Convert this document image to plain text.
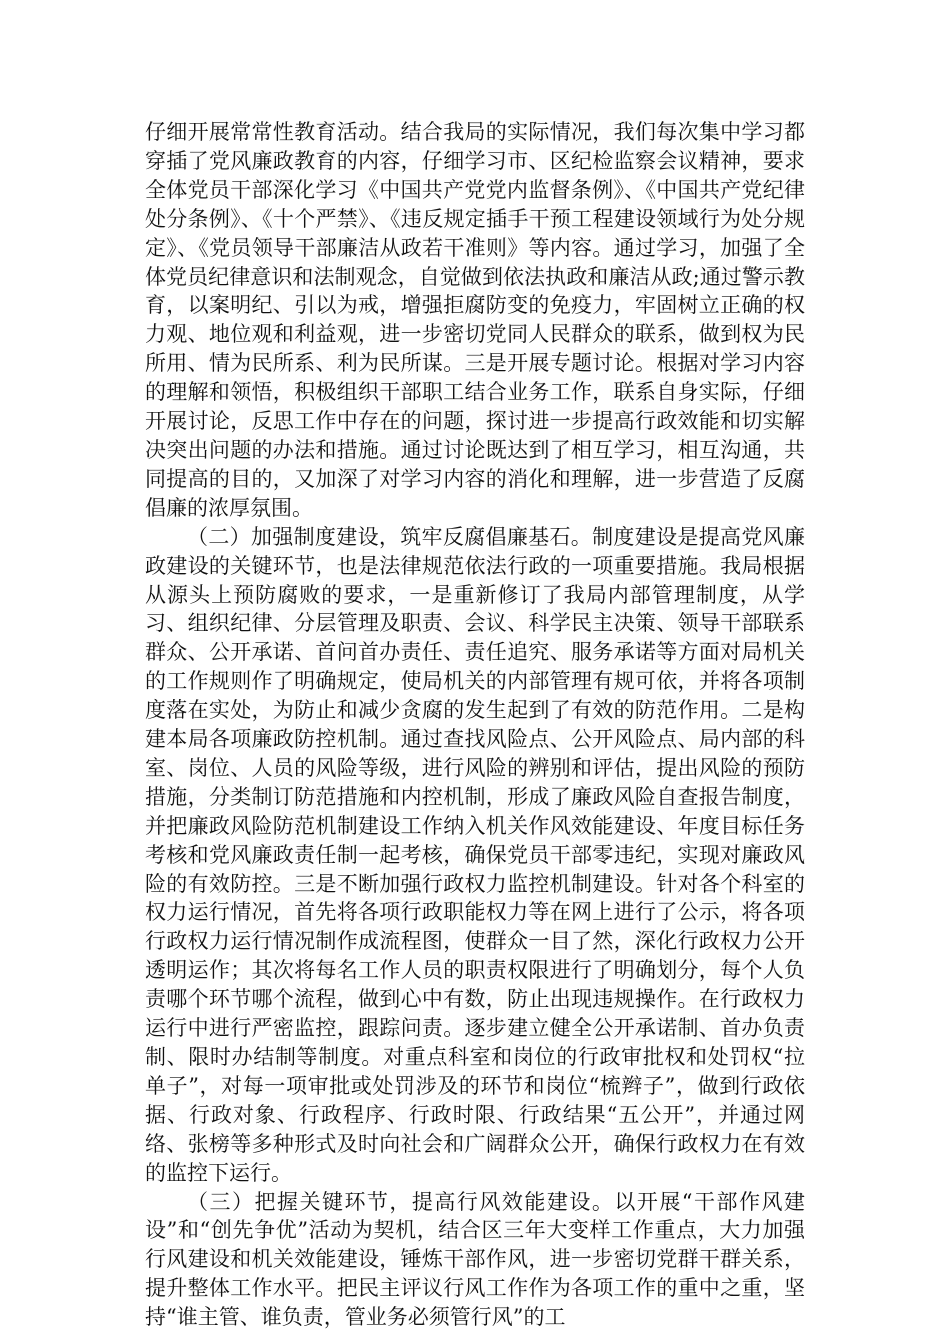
仔细开展常常性教育活动。结合我局的实际情况，我们每次集中学习都穿插了党风廉政教育的内容，仔细学习市、区纪检监察会议精神，要求全体党员干部深化学习《中国共产党党内监督条例》、《中国共产党纪律处分条例》、《十个严禁》、《违反规定插手干预工程建设领域行为处分规定》、《党员领导干部廉洁从政若干准则》等内容。通过学习，加强了全体党员纪律意识和法制观念，自觉做到依法执政和廉洁从政;通过警示教育，以案明纪、引以为戒，增强拒腐防变的免疫力，牢固树立正确的权力观、地位观和利益观，进一步密切党同人民群众的联系，做到权为民所用、情为民所系、利为民所谋。三是开展专题讨论。根据对学习内容的理解和领悟，积极组织干部职工结合业务工作，联系自身实际，仔细开展讨论，反思工作中存在的问题，探讨进一步提高行政效能和切实解决突出问题的办法和措施。通过讨论既达到了相互学习，相互沟通，共同提高的目的，又加深了对学习内容的消化和理解，进一步营造了反腐倡廉的浓厚氛围。

（二）加强制度建设，筑牢反腐倡廉基石。制度建设是提高党风廉政建设的关键环节，也是法律规范依法行政的一项重要措施。我局根据从源头上预防腐败的要求，一是重新修订了我局内部管理制度，从学习、组织纪律、分层管理及职责、会议、科学民主决策、领导干部联系群众、公开承诺、首问首办责任、责任追究、服务承诺等方面对局机关的工作规则作了明确规定，使局机关的内部管理有规可依，并将各项制度落在实处，为防止和减少贪腐的发生起到了有效的防范作用。二是构建本局各项廉政防控机制。通过查找风险点、公开风险点、局内部的科室、岗位、人员的风险等级，进行风险的辨别和评估，提出风险的预防措施，分类制订防范措施和内控机制，形成了廉政风险自查报告制度，并把廉政风险防范机制建设工作纳入机关作风效能建设、年度目标任务考核和党风廉政责任制一起考核，确保党员干部零违纪，实现对廉政风险的有效防控。三是不断加强行政权力监控机制建设。针对各个科室的权力运行情况，首先将各项行政职能权力等在网上进行了公示，将各项行政权力运行情况制作成流程图，使群众一目了然，深化行政权力公开透明运作；其次将每名工作人员的职责权限进行了明确划分，每个人负责哪个环节哪个流程，做到心中有数，防止出现违规操作。在行政权力运行中进行严密监控，跟踪问责。逐步建立健全公开承诺制、首办负责制、限时办结制等制度。对重点科室和岗位的行政审批权和处罚权“拉单子”，对每一项审批或处罚涉及的环节和岗位“梳辫子”，做到行政依据、行政对象、行政程序、行政时限、行政结果“五公开”，并通过网络、张榜等多种形式及时向社会和广阔群众公开，确保行政权力在有效的监控下运行。

（三）把握关键环节，提高行风效能建设。以开展“干部作风建设”和“创先争优”活动为契机，结合区三年大变样工作重点，大力加强行风建设和机关效能建设，锤炼干部作风，进一步密切党群干群关系，提升整体工作水平。把民主评议行风工作作为各项工作的重中之重，坚持“谁主管、谁负责，管业务必须管行风”的工
